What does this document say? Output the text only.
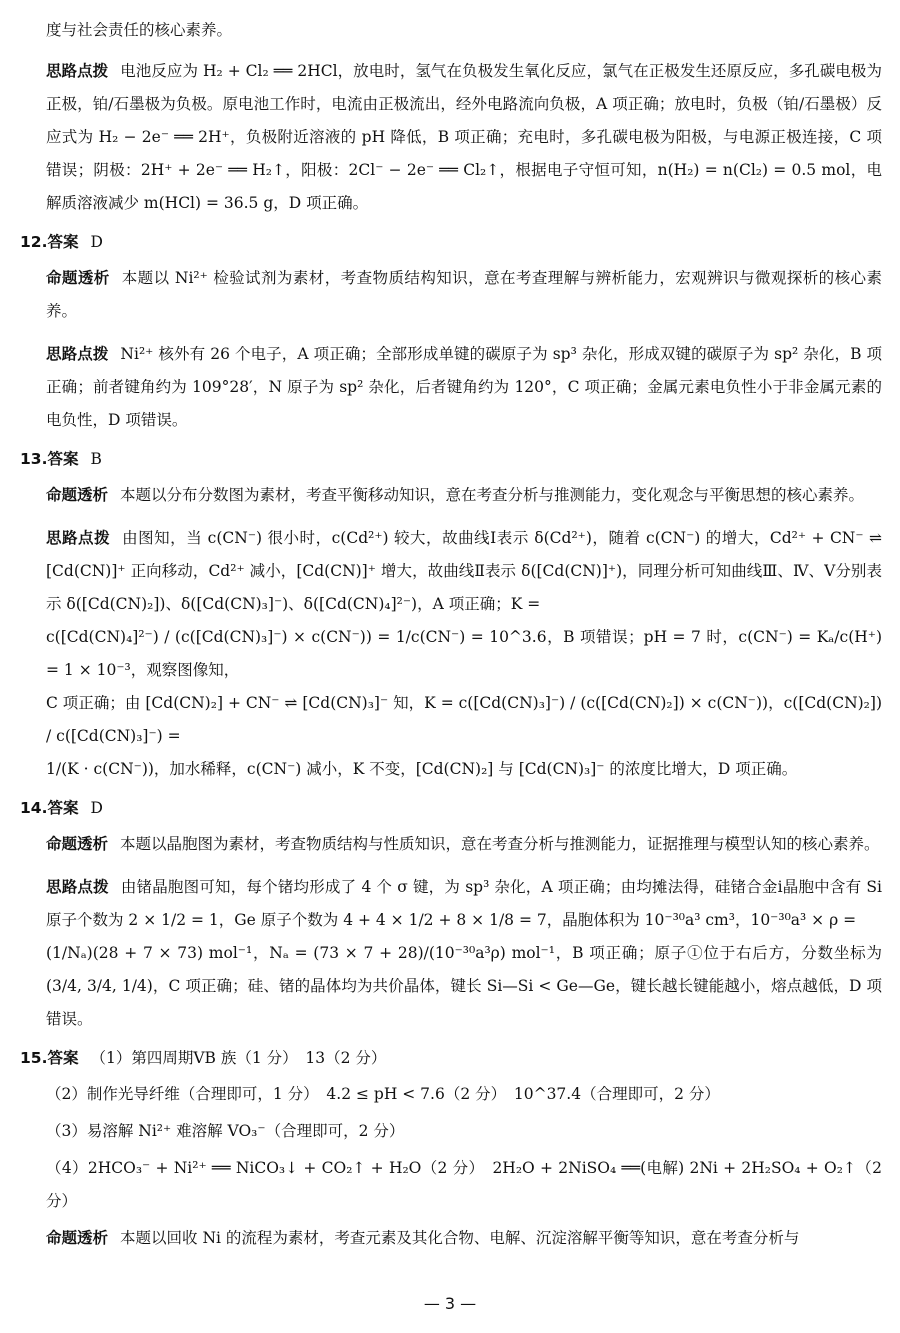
度与社会责任的核心素养。

思路点拨 电池反应为 H₂ + Cl₂ ══ 2HCl，放电时，氢气在负极发生氧化反应，氯气在正极发生还原反应，多孔碳电极为正极，铂/石墨极为负极。原电池工作时，电流由正极流出，经外电路流向负极，A 项正确；放电时，负极（铂/石墨极）反应式为 H₂ − 2e⁻ ══ 2H⁺，负极附近溶液的 pH 降低，B 项正确；充电时，多孔碳电极为阳极，与电源正极连接，C 项错误；阴极：2H⁺ + 2e⁻ ══ H₂↑，阳极：2Cl⁻ − 2e⁻ ══ Cl₂↑，根据电子守恒可知，n(H₂) = n(Cl₂) = 0.5 mol，电解质溶液减少 m(HCl) = 36.5 g，D 项正确。

12.答案 D

命题透析 本题以 Ni²⁺ 检验试剂为素材，考查物质结构知识，意在考查理解与辨析能力，宏观辨识与微观探析的核心素养。

思路点拨 Ni²⁺ 核外有 26 个电子，A 项正确；全部形成单键的碳原子为 sp³ 杂化，形成双键的碳原子为 sp² 杂化，B 项正确；前者键角约为 109°28′，N 原子为 sp² 杂化，后者键角约为 120°，C 项正确；金属元素电负性小于非金属元素的电负性，D 项错误。

13.答案 B

命题透析 本题以分布分数图为素材，考查平衡移动知识，意在考查分析与推测能力，变化观念与平衡思想的核心素养。

思路点拨 由图知，当 c(CN⁻) 很小时，c(Cd²⁺) 较大，故曲线Ⅰ表示 δ(Cd²⁺)，随着 c(CN⁻) 的增大，Cd²⁺ + CN⁻ ⇌ [Cd(CN)]⁺ 正向移动，Cd²⁺ 减小，[Cd(CN)]⁺ 增大，故曲线Ⅱ表示 δ([Cd(CN)]⁺)，同理分析可知曲线Ⅲ、Ⅳ、Ⅴ分别表示 δ([Cd(CN)₂])、δ([Cd(CN)₃]⁻)、δ([Cd(CN)₄]²⁻)，A 项正确；K =

c([Cd(CN)₄]²⁻) / (c([Cd(CN)₃]⁻) × c(CN⁻)) = 1/c(CN⁻) = 10^3.6，B 项错误；pH = 7 时，c(CN⁻) = Kₐ/c(H⁺) = 1 × 10⁻³，观察图像知，

C 项正确；由 [Cd(CN)₂] + CN⁻ ⇌ [Cd(CN)₃]⁻ 知，K = c([Cd(CN)₃]⁻) / (c([Cd(CN)₂]) × c(CN⁻))，c([Cd(CN)₂]) / c([Cd(CN)₃]⁻) =

1/(K · c(CN⁻))，加水稀释，c(CN⁻) 减小，K 不变，[Cd(CN)₂] 与 [Cd(CN)₃]⁻ 的浓度比增大，D 项正确。

14.答案 D

命题透析 本题以晶胞图为素材，考查物质结构与性质知识，意在考查分析与推测能力，证据推理与模型认知的核心素养。

思路点拨 由锗晶胞图可知，每个锗均形成了 4 个 σ 键，为 sp³ 杂化，A 项正确；由均摊法得，硅锗合金ⅰ晶胞中含有 Si 原子个数为 2 × 1/2 = 1，Ge 原子个数为 4 + 4 × 1/2 + 8 × 1/8 = 7，晶胞体积为 10⁻³⁰a³ cm³，10⁻³⁰a³ × ρ =

(1/Nₐ)(28 + 7 × 73) mol⁻¹，Nₐ = (73 × 7 + 28)/(10⁻³⁰a³ρ) mol⁻¹，B 项正确；原子①位于右后方，分数坐标为 (3/4, 3/4, 1/4)，C 项正确；硅、锗的晶体均为共价晶体，键长 Si—Si < Ge—Ge，键长越长键能越小，熔点越低，D 项错误。

15.答案 （1）第四周期ⅤB 族（1 分）　13（2 分）

（2）制作光导纤维（合理即可，1 分）　4.2 ≤ pH < 7.6（2 分）　10^37.4（合理即可，2 分）

（3）易溶解 Ni²⁺ 难溶解 VO₃⁻（合理即可，2 分）

（4）2HCO₃⁻ + Ni²⁺ ══ NiCO₃↓ + CO₂↑ + H₂O（2 分）　2H₂O + 2NiSO₄ ══(电解) 2Ni + 2H₂SO₄ + O₂↑（2 分）

命题透析 本题以回收 Ni 的流程为素材，考查元素及其化合物、电解、沉淀溶解平衡等知识，意在考查分析与

— 3 —
